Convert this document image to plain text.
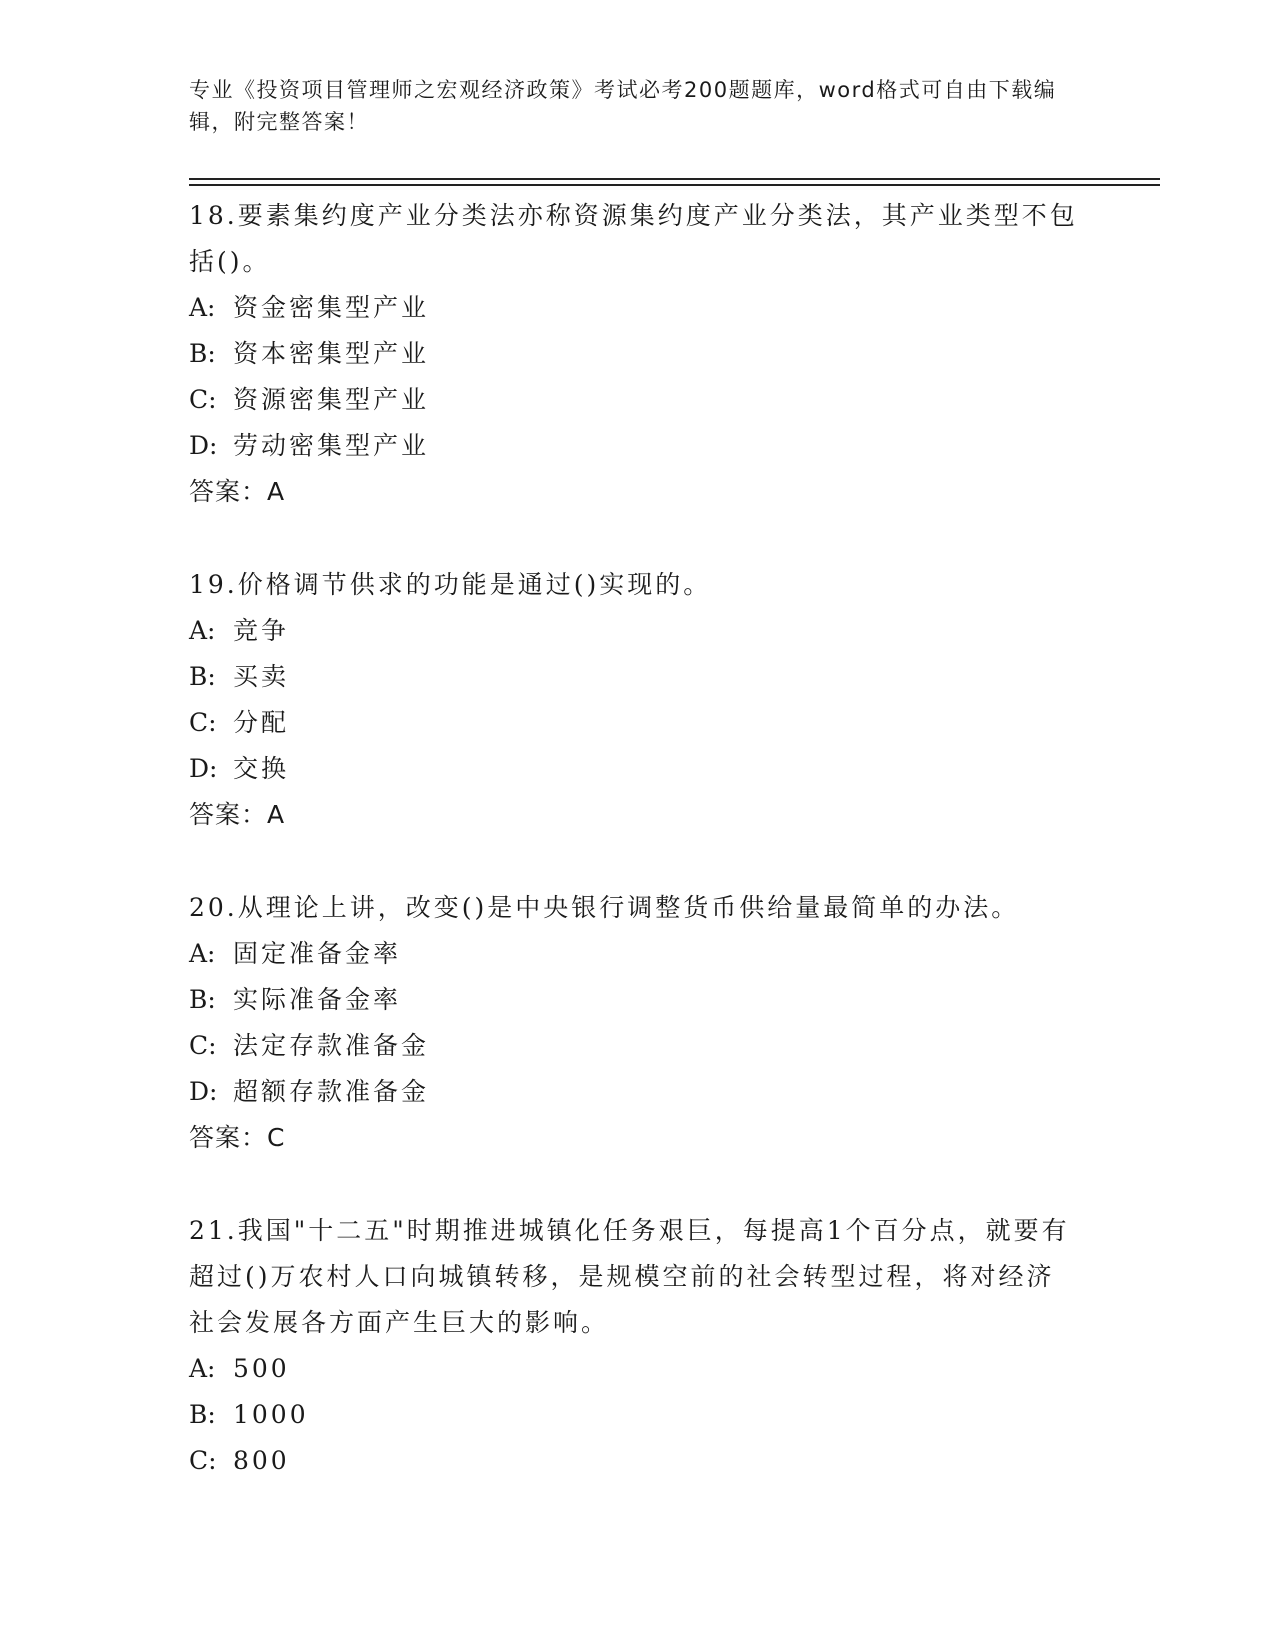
专业《投资项目管理师之宏观经济政策》考试必考200题题库，word格式可自由下载编辑，附完整答案！
18.要素集约度产业分类法亦称资源集约度产业分类法，其产业类型不包括()。
A: 资金密集型产业
B: 资本密集型产业
C: 资源密集型产业
D: 劳动密集型产业
答案：A
19.价格调节供求的功能是通过()实现的。
A: 竞争
B: 买卖
C: 分配
D: 交换
答案：A
20.从理论上讲，改变()是中央银行调整货币供给量最简单的办法。
A: 固定准备金率
B: 实际准备金率
C: 法定存款准备金
D: 超额存款准备金
答案：C
21.我国"十二五"时期推进城镇化任务艰巨，每提高1个百分点，就要有超过()万农村人口向城镇转移，是规模空前的社会转型过程，将对经济社会发展各方面产生巨大的影响。
A: 500
B: 1000
C: 800
